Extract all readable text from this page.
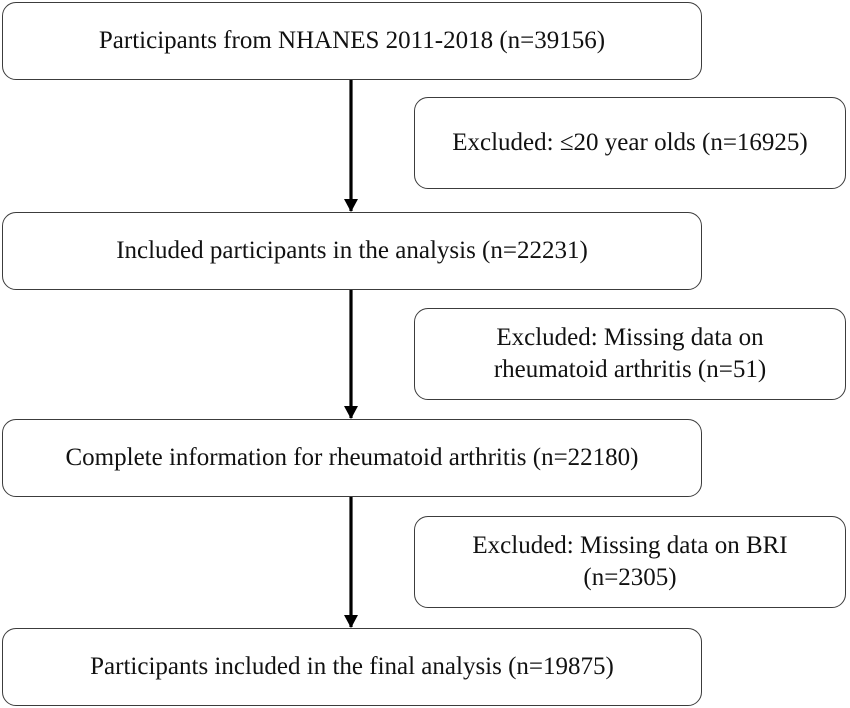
Participants from NHANES 2011-2018 (n=39156)
Excluded: ≤20 year olds (n=16925)
Included participants in the analysis (n=22231)
Excluded: Missing data on
rheumatoid arthritis (n=51)
Complete information for rheumatoid arthritis (n=22180)
Excluded: Missing data on BRI
(n=2305)
Participants included in the final analysis (n=19875)
